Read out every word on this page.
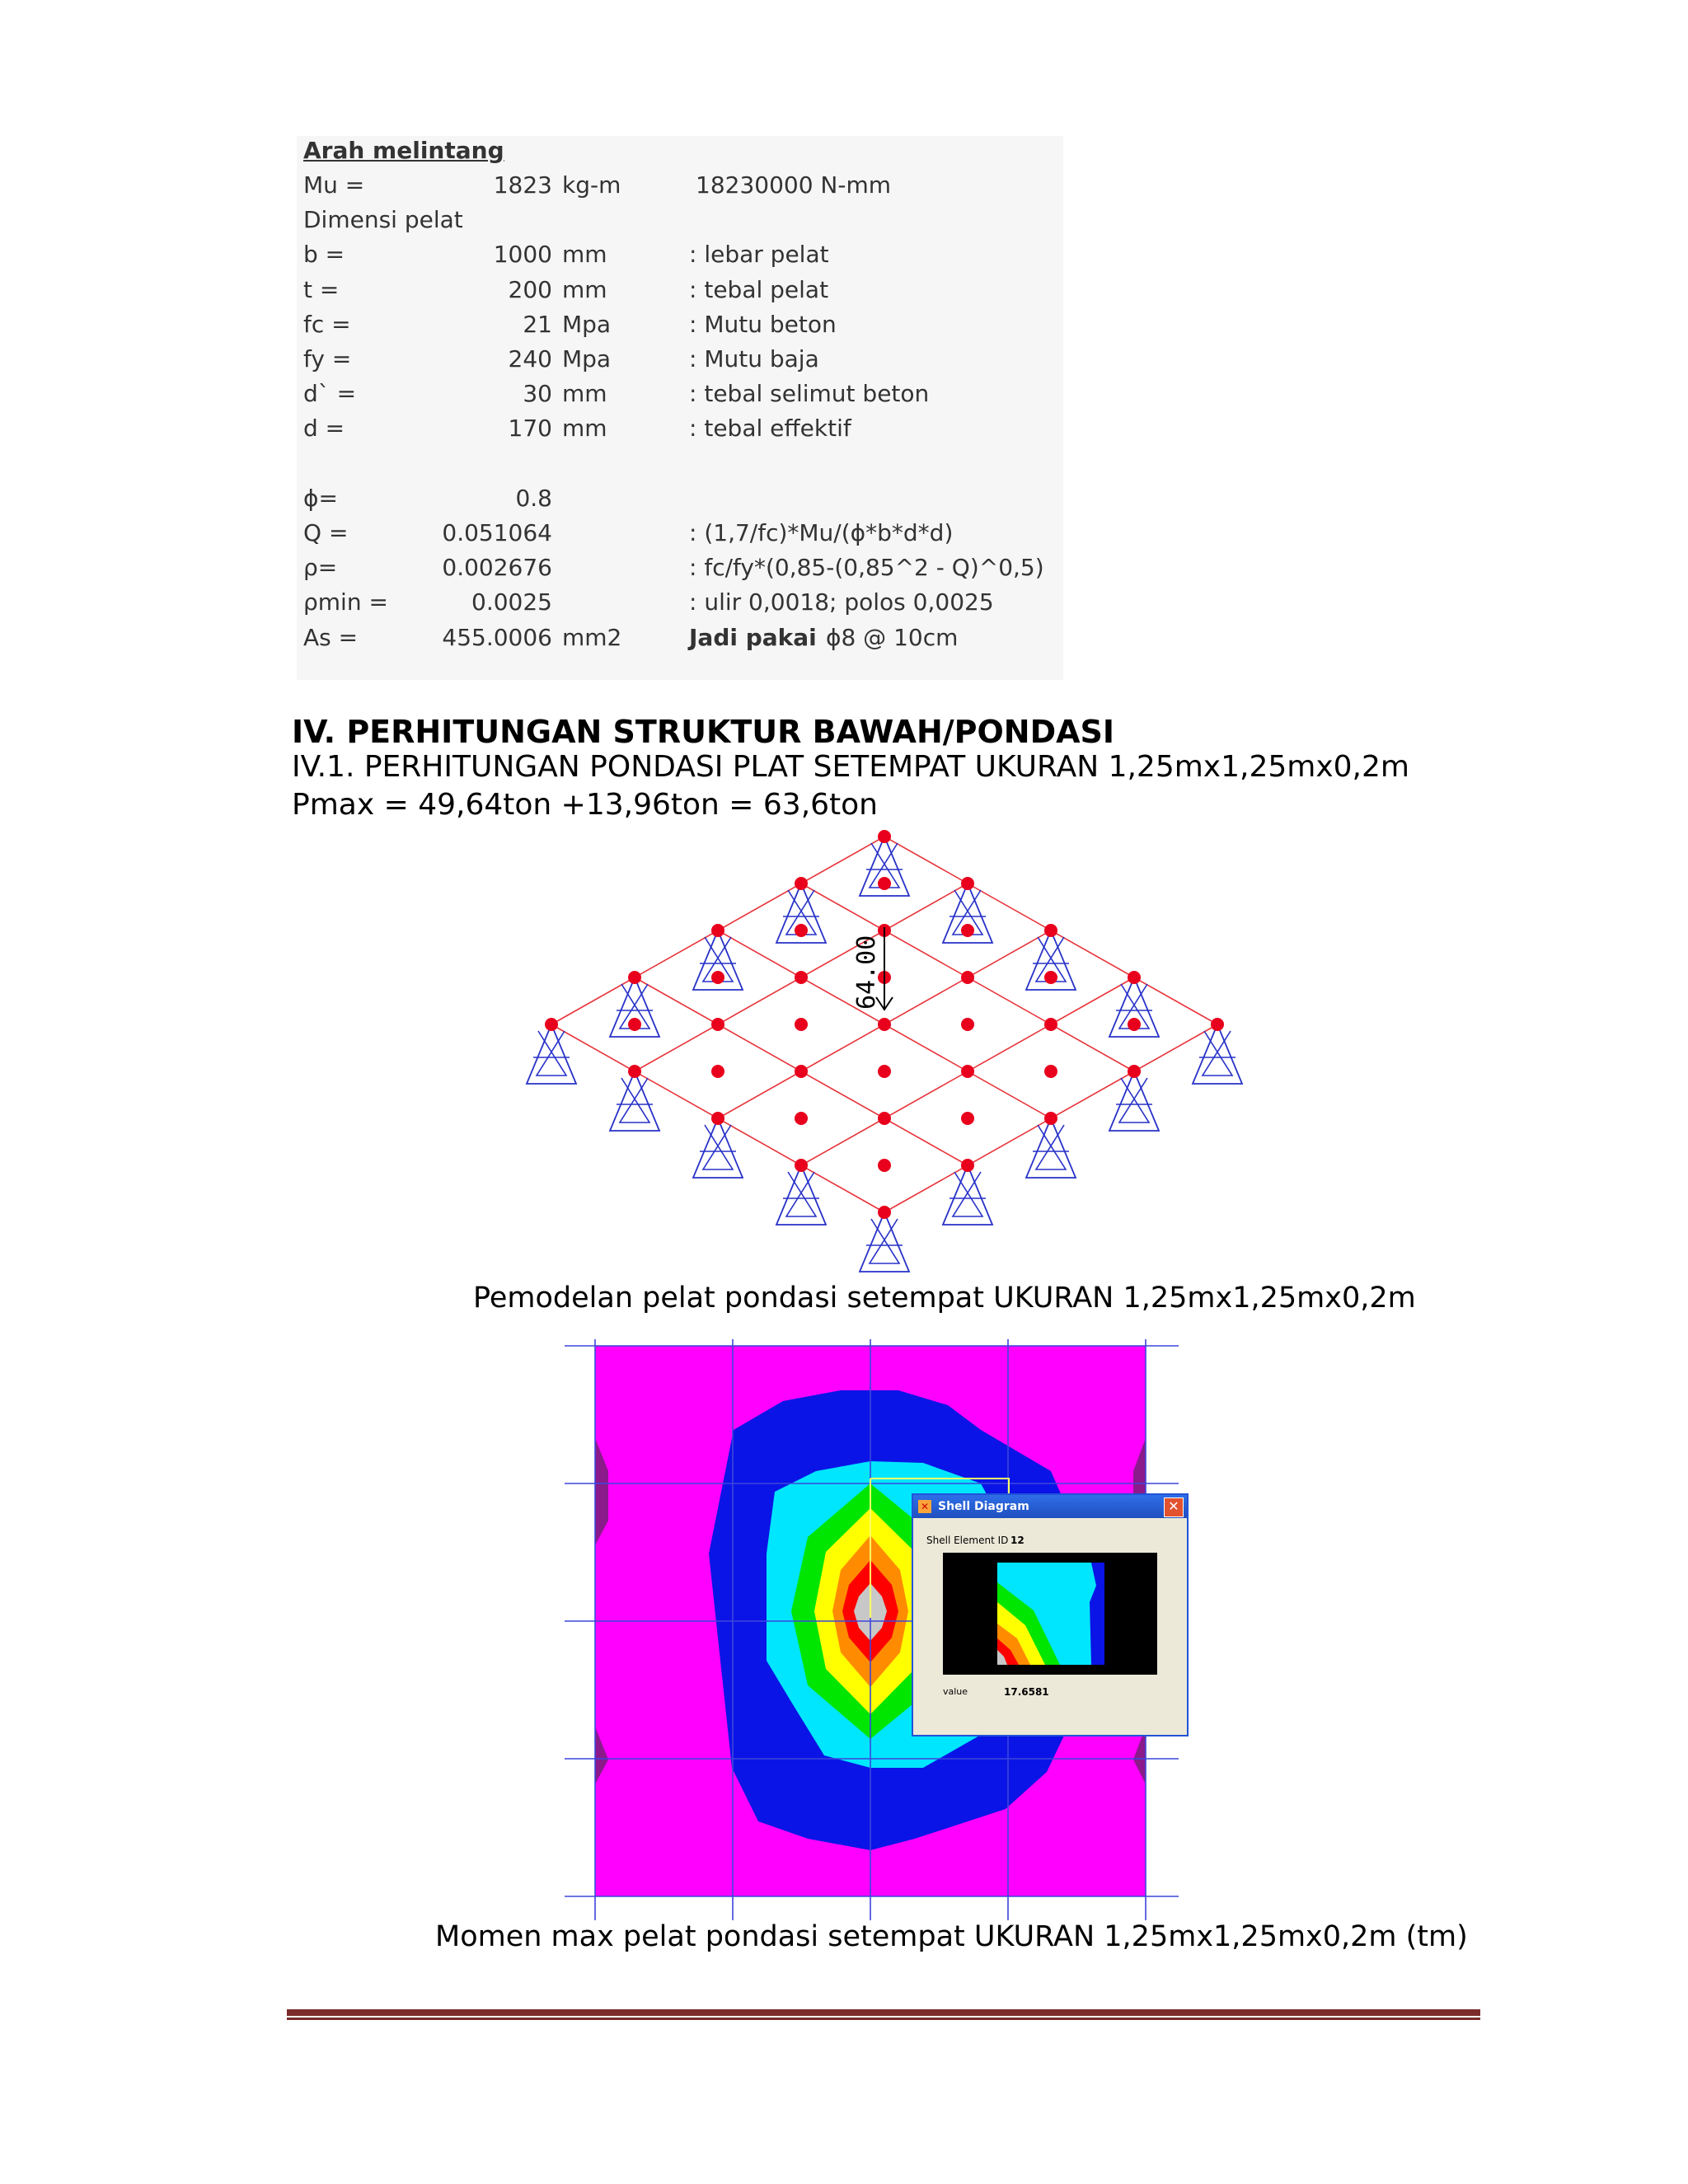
Arah melintang
Mu =	1823 kg-m	18230000 N-mm
Dimensi pelat
b =	1000 mm	: lebar pelat
t =	200 mm	: tebal pelat
fc =	21 Mpa	: Mutu beton
fy =	240 Mpa	: Mutu baja
d` =	30 mm	: tebal selimut beton
d =	170 mm	: tebal effektif
ϕ=	0.8
Q =	0.051064	: (1,7/fc)*Mu/(ϕ*b*d*d)
ρ=	0.002676	: fc/fy*(0,85-(0,85^2 - Q)^0,5)
ρmin =	0.0025	: ulir 0,0018; polos 0,0025
As =	455.0006 mm2	Jadi pakai ϕ8 @ 10cm
IV. PERHITUNGAN STRUKTUR BAWAH/PONDASI
IV.1. PERHITUNGAN PONDASI PLAT SETEMPAT UKURAN 1,25mx1,25mx0,2m
Pmax = 49,64ton +13,96ton = 63,6ton
64.00
Pemodelan pelat pondasi setempat UKURAN 1,25mx1,25mx0,2m
✕ Shell Diagram	✕
Shell Element ID 12
value	17.6581
Momen max pelat pondasi setempat UKURAN 1,25mx1,25mx0,2m (tm)
